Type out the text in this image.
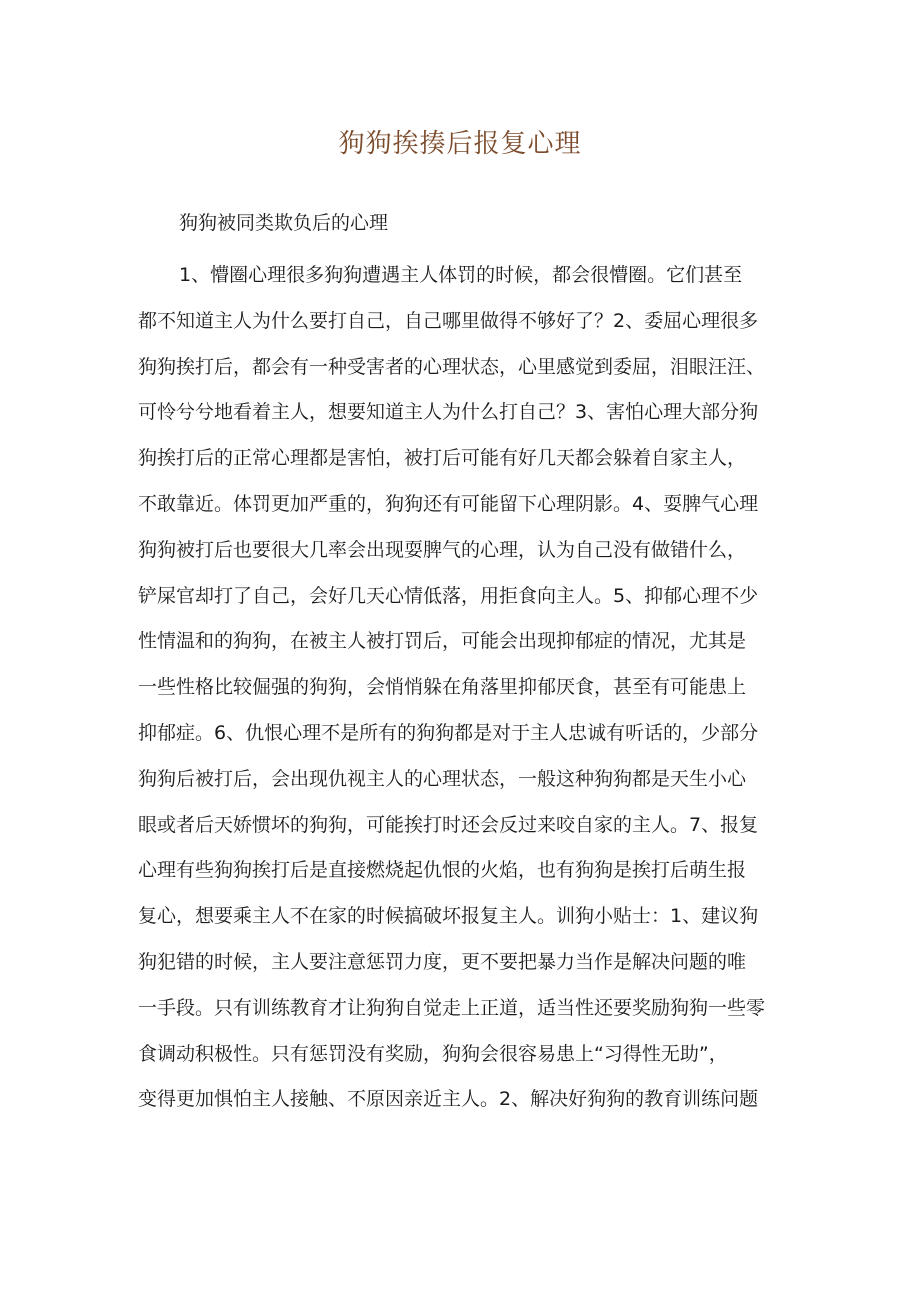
狗狗挨揍后报复心理
狗狗被同类欺负后的心理
1、懵圈心理很多狗狗遭遇主人体罚的时候，都会很懵圈。它们甚至
都不知道主人为什么要打自己，自己哪里做得不够好了？2、委屈心理很多
狗狗挨打后，都会有一种受害者的心理状态，心里感觉到委屈，泪眼汪汪、
可怜兮兮地看着主人，想要知道主人为什么打自己？3、害怕心理大部分狗
狗挨打后的正常心理都是害怕，被打后可能有好几天都会躲着自家主人，
不敢靠近。体罚更加严重的，狗狗还有可能留下心理阴影。4、耍脾气心理
狗狗被打后也要很大几率会出现耍脾气的心理，认为自己没有做错什么，
铲屎官却打了自己，会好几天心情低落，用拒食向主人。5、抑郁心理不少
性情温和的狗狗，在被主人被打罚后，可能会出现抑郁症的情况，尤其是
一些性格比较倔强的狗狗，会悄悄躲在角落里抑郁厌食，甚至有可能患上
抑郁症。6、仇恨心理不是所有的狗狗都是对于主人忠诚有听话的，少部分
狗狗后被打后，会出现仇视主人的心理状态，一般这种狗狗都是天生小心
眼或者后天娇惯坏的狗狗，可能挨打时还会反过来咬自家的主人。7、报复
心理有些狗狗挨打后是直接燃烧起仇恨的火焰，也有狗狗是挨打后萌生报
复心，想要乘主人不在家的时候搞破坏报复主人。训狗小贴士：1、建议狗
狗犯错的时候，主人要注意惩罚力度，更不要把暴力当作是解决问题的唯
一手段。只有训练教育才让狗狗自觉走上正道，适当性还要奖励狗狗一些零
食调动积极性。只有惩罚没有奖励，狗狗会很容易患上“习得性无助”，
变得更加惧怕主人接触、不原因亲近主人。2、解决好狗狗的教育训练问题
